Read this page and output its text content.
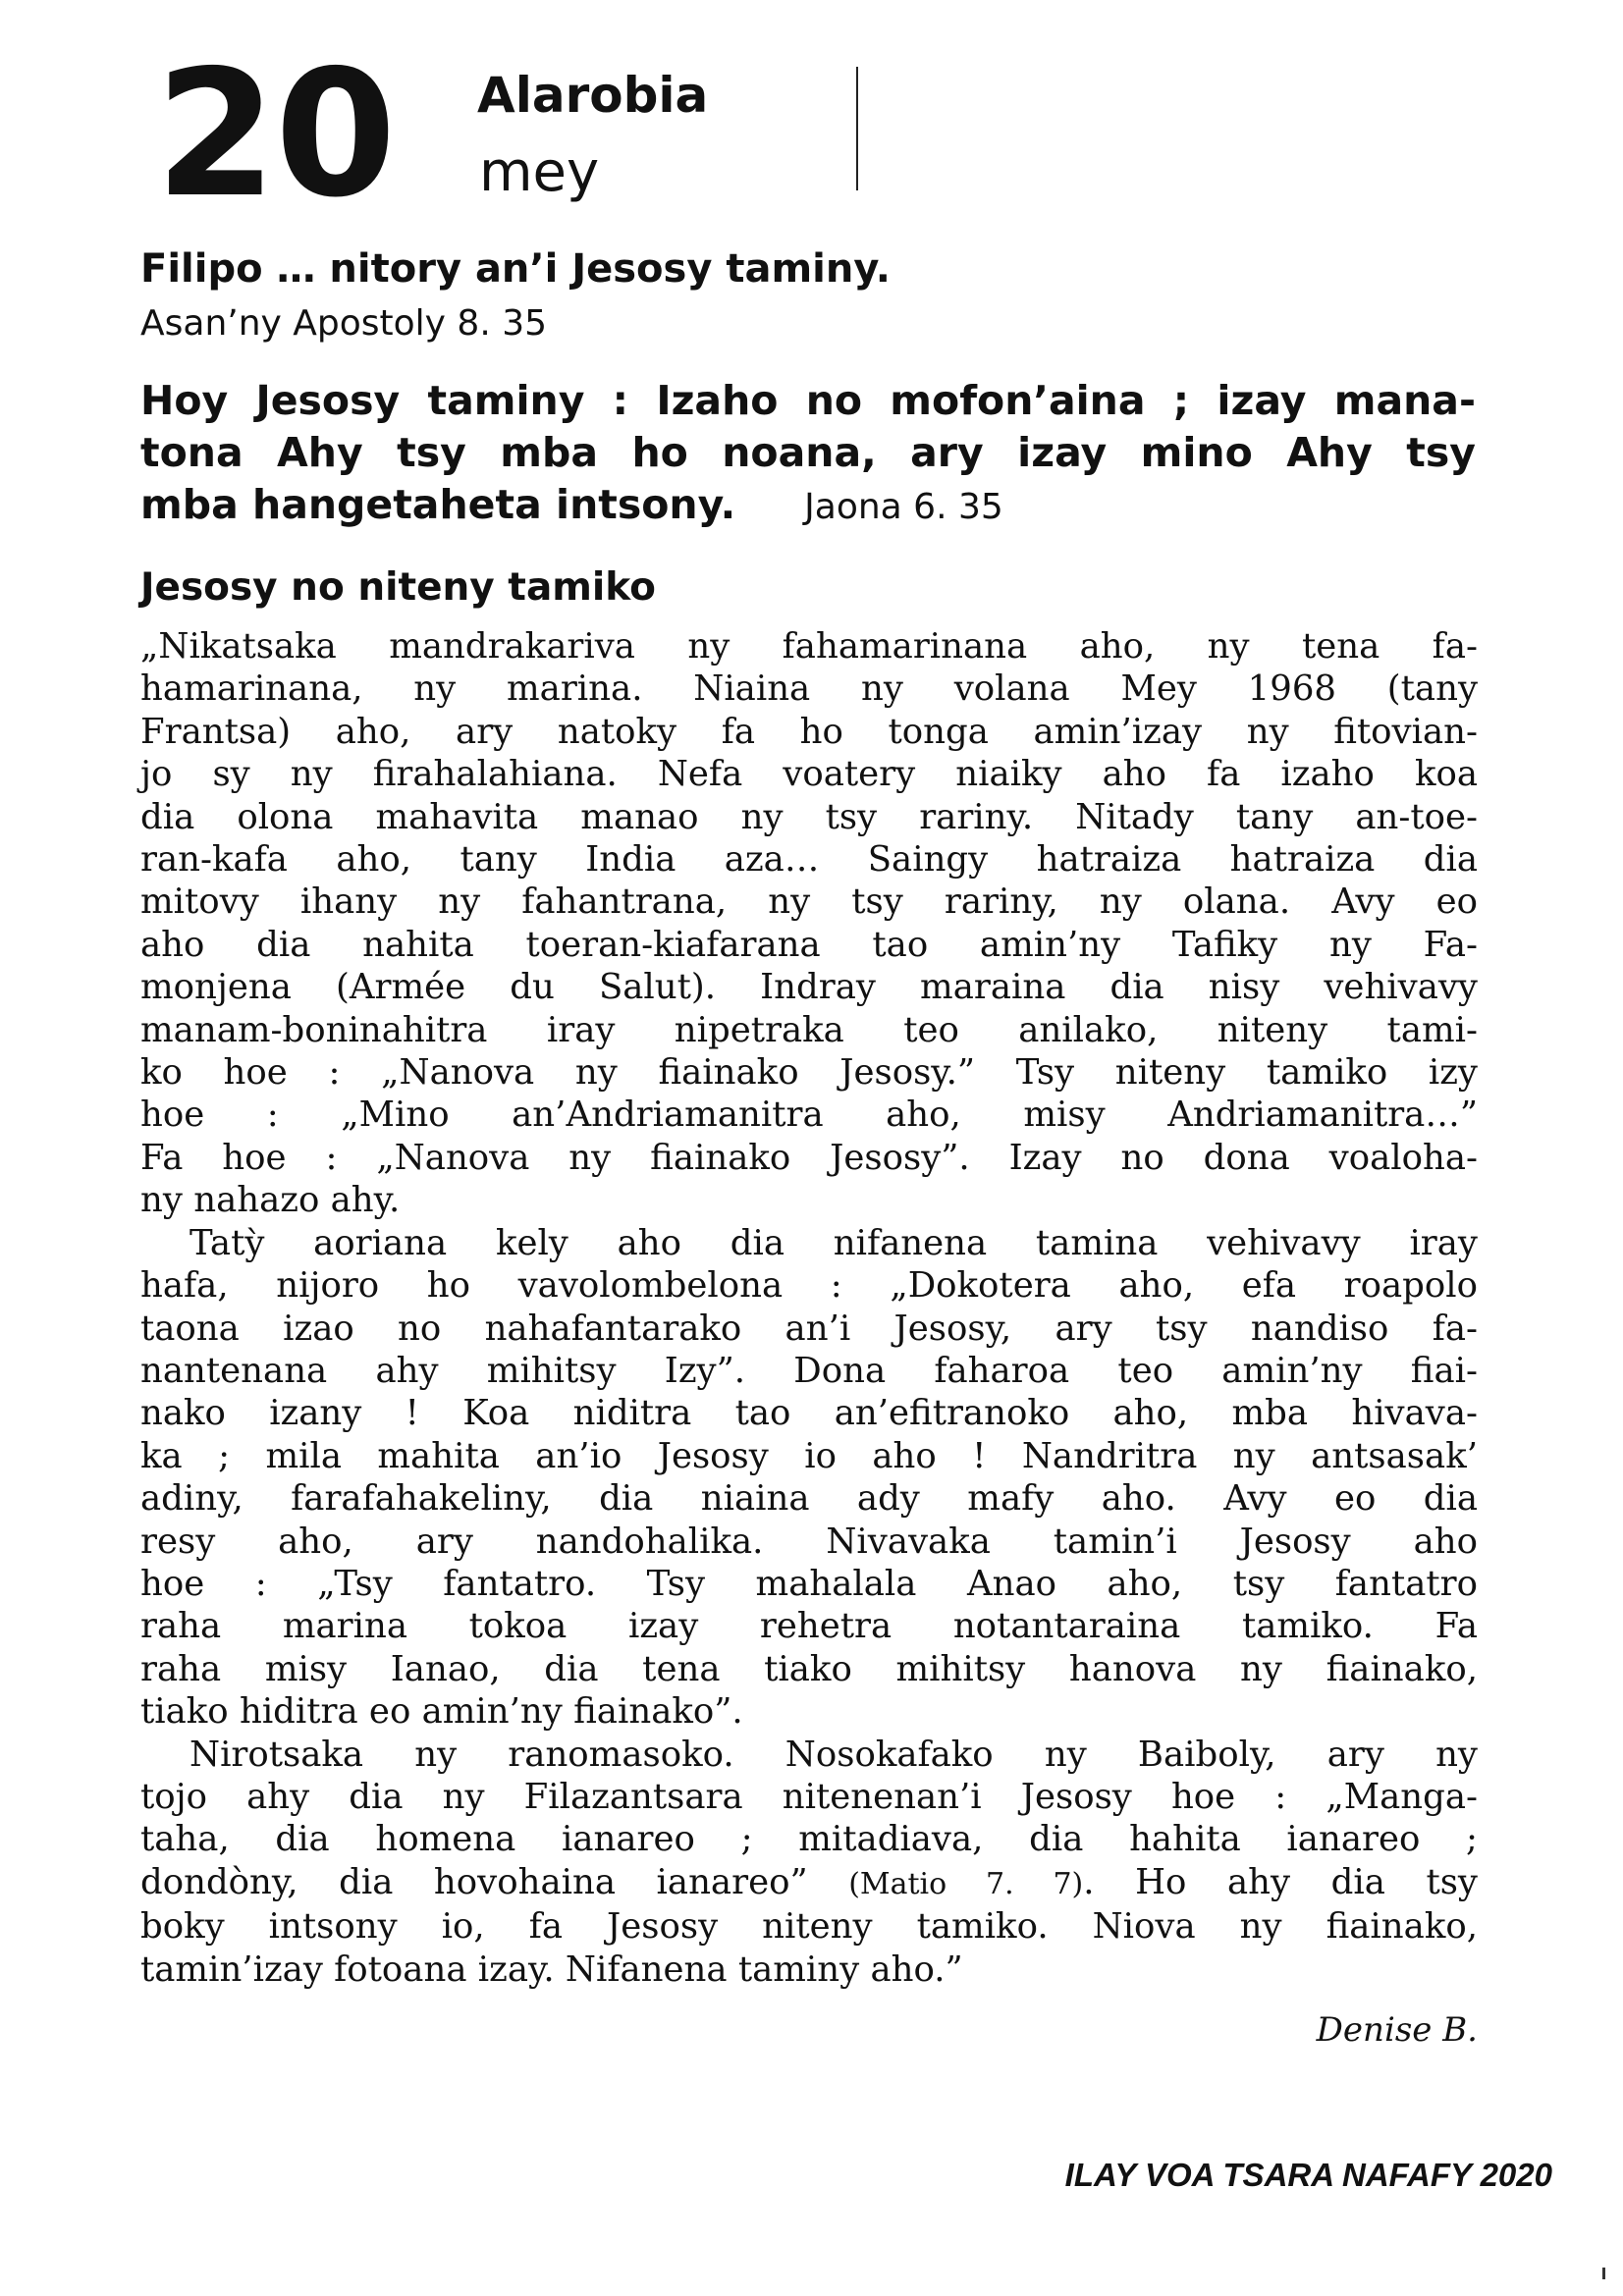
20 Alarobia
mey
Filipo … nitory an’i Jesosy taminy.
Asan’ny Apostoly 8. 35
Hoy Jesosy taminy : Izaho no mofon’aina ; izay mana-
tona Ahy tsy mba ho noana, ary izay mino Ahy tsy
mba hangetaheta intsony. Jaona 6. 35
Jesosy no niteny tamiko
„Nikatsaka mandrakariva ny fahamarinana aho, ny tena fa-
hamarinana, ny marina. Niaina ny volana Mey 1968 (tany
Frantsa) aho, ary natoky fa ho tonga amin’izay ny fitovian-
jo sy ny firahalahiana. Nefa voatery niaiky aho fa izaho koa
dia olona mahavita manao ny tsy rariny. Nitady tany an-toe-
ran-kafa aho, tany India aza… Saingy hatraiza hatraiza dia
mitovy ihany ny fahantrana, ny tsy rariny, ny olana. Avy eo
aho dia nahita toeran-kiafarana tao amin’ny Tafiky ny Fa-
monjena (Armée du Salut). Indray maraina dia nisy vehivavy
manam-boninahitra iray nipetraka teo anilako, niteny tami-
ko hoe : „Nanova ny fiainako Jesosy.” Tsy niteny tamiko izy
hoe : „Mino an’Andriamanitra aho, misy Andriamanitra…”
Fa hoe : „Nanova ny fiainako Jesosy”. Izay no dona voaloha-
ny nahazo ahy.
Tatỳ aoriana kely aho dia nifanena tamina vehivavy iray
hafa, nijoro ho vavolombelona : „Dokotera aho, efa roapolo
taona izao no nahafantarako an’i Jesosy, ary tsy nandiso fa-
nantenana ahy mihitsy Izy”. Dona faharoa teo amin’ny fiai-
nako izany ! Koa niditra tao an’efitranoko aho, mba hivava-
ka ; mila mahita an’io Jesosy io aho ! Nandritra ny antsasak’
adiny, farafahakeliny, dia niaina ady mafy aho. Avy eo dia
resy aho, ary nandohalika. Nivavaka tamin’i Jesosy aho
hoe : „Tsy fantatro. Tsy mahalala Anao aho, tsy fantatro
raha marina tokoa izay rehetra notantaraina tamiko. Fa
raha misy Ianao, dia tena tiako mihitsy hanova ny fiainako,
tiako hiditra eo amin’ny fiainako”.
Nirotsaka ny ranomasoko. Nosokafako ny Baiboly, ary ny
tojo ahy dia ny Filazantsara nitenenan’i Jesosy hoe : „Manga-
taha, dia homena ianareo ; mitadiava, dia hahita ianareo ;
dondòny, dia hovohaina ianareo” (Matio 7. 7). Ho ahy dia tsy
boky intsony io, fa Jesosy niteny tamiko. Niova ny fiainako,
tamin’izay fotoana izay. Nifanena taminy aho.”
Denise B.
ILAY VOA TSARA NAFAFY 2020
